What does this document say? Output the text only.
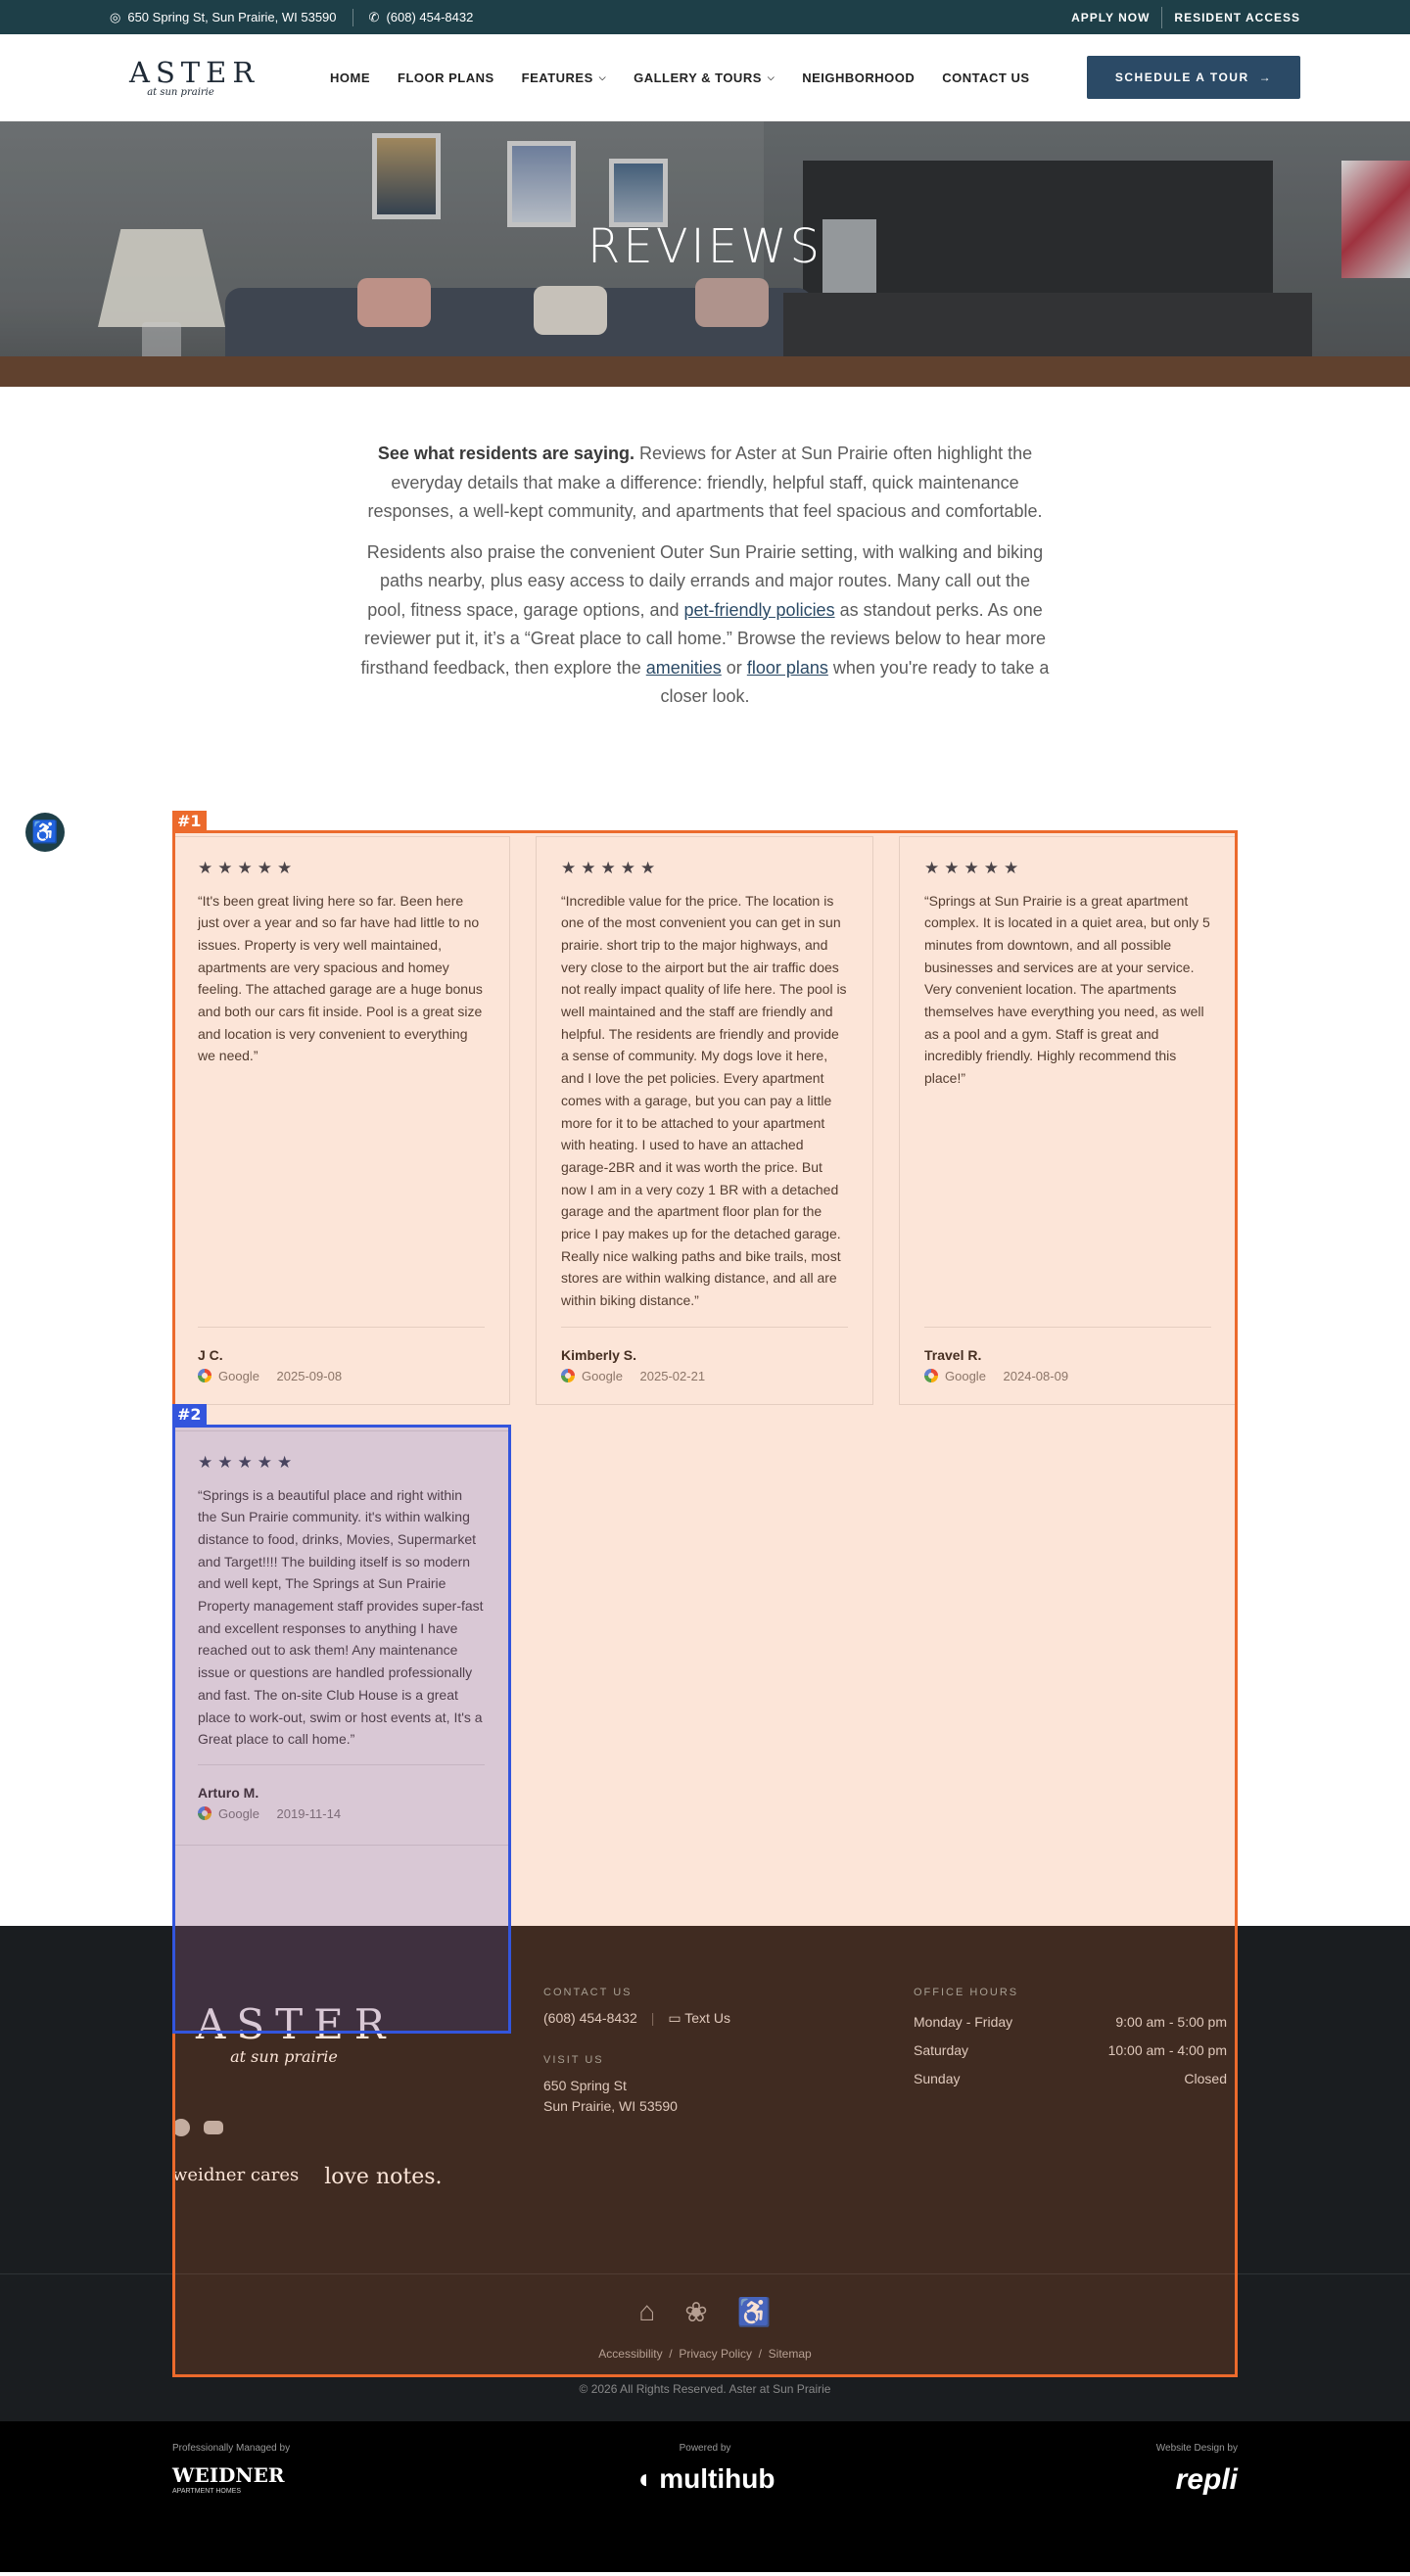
◎ 650 Spring St, Sun Prairie, WI 53590	✆ (608) 454-8432	APPLY NOW RESIDENT ACCESS
ASTER
at sun prairie
HOME FLOOR PLANS FEATURES ⌵ GALLERY & TOURS ⌵ NEIGHBORHOOD CONTACT US	SCHEDULE A TOUR →
REVIEWS

See what residents are saying. Reviews for Aster at Sun Prairie often highlight the everyday details that make a difference: friendly, helpful staff, quick maintenance responses, a well-kept community, and apartments that feel spacious and comfortable.

Residents also praise the convenient Outer Sun Prairie setting, with walking and biking paths nearby, plus easy access to daily errands and major routes. Many call out the pool, fitness space, garage options, and pet-friendly policies as standout perks. As one reviewer put it, it’s a “Great place to call home.” Browse the reviews below to hear more firsthand feedback, then explore the amenities or floor plans when you're ready to take a closer look.

★★★★★
“It's been great living here so far. Been here just over a year and so far have had little to no issues. Property is very well maintained, apartments are very spacious and homey feeling. The attached garage are a huge bonus and both our cars fit inside. Pool is a great size and location is very convenient to everything we need.”
J C.
Google
2025-09-08
★★★★★
“Incredible value for the price. The location is one of the most convenient you can get in sun prairie. short trip to the major highways, and very close to the airport but the air traffic does not really impact quality of life here. The pool is well maintained and the staff are friendly and helpful. The residents are friendly and provide a sense of community. My dogs love it here, and I love the pet policies. Every apartment comes with a garage, but you can pay a little more for it to be attached to your apartment with heating. I used to have an attached garage-2BR and it was worth the price. But now I am in a very cozy 1 BR with a detached garage and the apartment floor plan for the price I pay makes up for the detached garage. Really nice walking paths and bike trails, most stores are within walking distance, and all are within biking distance.”
Kimberly S.
Google
2025-02-21
★★★★★
“Springs at Sun Prairie is a great apartment complex. It is located in a quiet area, but only 5 minutes from downtown, and all possible businesses and services are at your service. Very convenient location. The apartments themselves have everything you need, as well as a pool and a gym. Staff is great and incredibly friendly. Highly recommend this place!”
Travel R.
Google
2024-08-09
★★★★★
“Springs is a beautiful place and right within the Sun Prairie community. it's within walking distance to food, drinks, Movies, Supermarket and Target!!!! The building itself is so modern and well kept, The Springs at Sun Prairie Property management staff provides super-fast and excellent responses to anything I have reached out to ask them! Any maintenance issue or questions are handled professionally and fast. The on-site Club House is a great place to work-out, swim or host events at, It's a Great place to call home.”
Arturo M.
Google
2019-11-14
ASTER
at sun prairie
weidner cares love notes.
CONTACT US
(608) 454-8432 | ▭ Text Us
VISIT US
650 Spring St
Sun Prairie, WI 53590
OFFICE HOURS
Monday - Friday	9:00 am - 5:00 pm
Saturday	10:00 am - 4:00 pm
Sunday	Closed
⌂ ❀ ♿
Accessibility  /  Privacy Policy  /  Sitemap
© 2026 All Rights Reserved. Aster at Sun Prairie
Professionally Managed by
WEIDNER
APARTMENT HOMES
Powered by
◖ multihub
Website Design by
repli
♿	#1
#2
